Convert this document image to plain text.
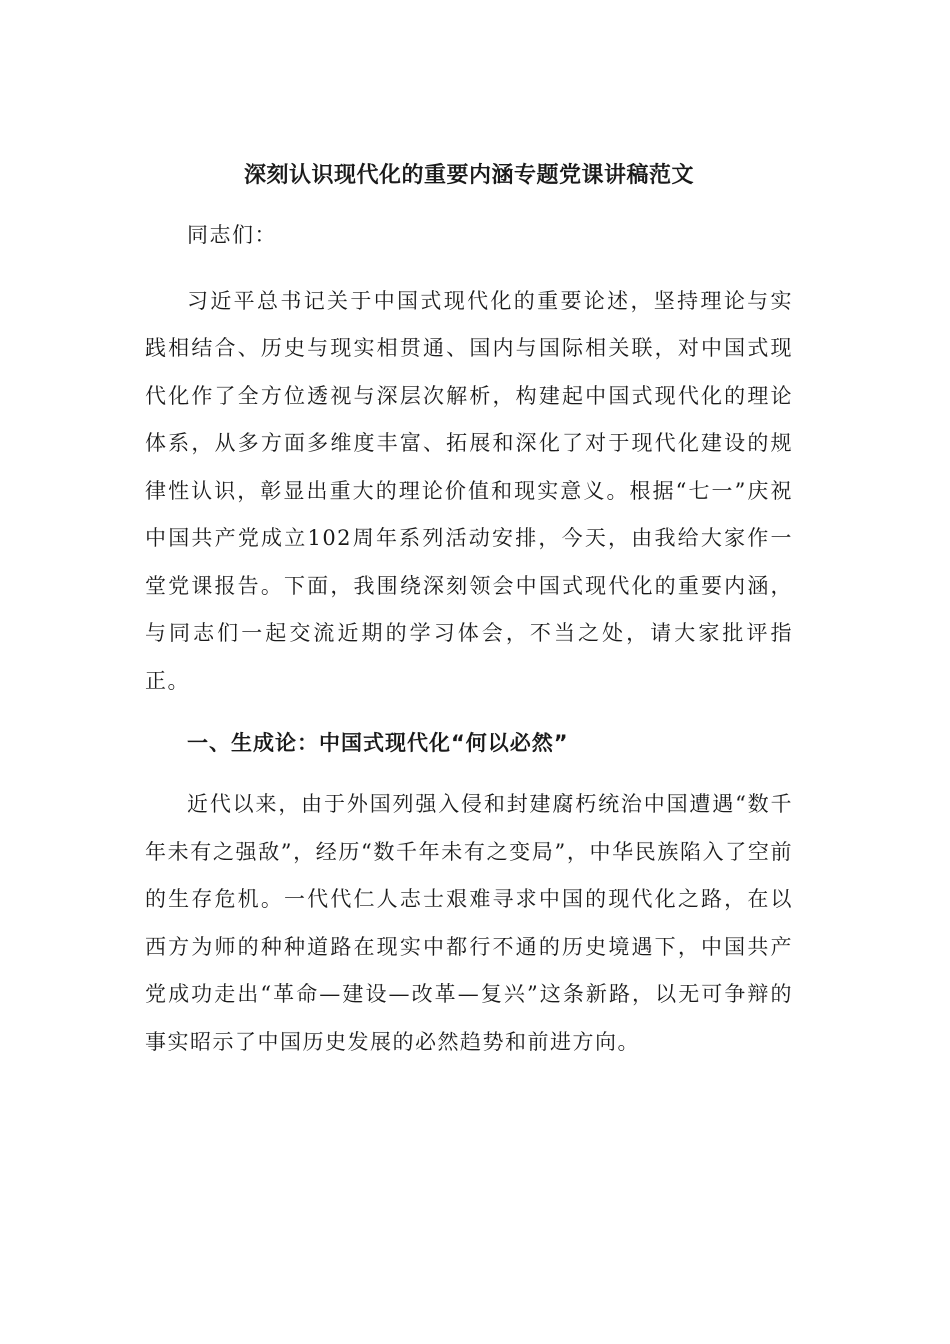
深刻认识现代化的重要内涵专题党课讲稿范文

同志们：

习近平总书记关于中国式现代化的重要论述，坚持理论与实践相结合、历史与现实相贯通、国内与国际相关联，对中国式现代化作了全方位透视与深层次解析，构建起中国式现代化的理论体系，从多方面多维度丰富、拓展和深化了对于现代化建设的规律性认识，彰显出重大的理论价值和现实意义。根据“七一”庆祝中国共产党成立102周年系列活动安排，今天，由我给大家作一堂党课报告。下面，我围绕深刻领会中国式现代化的重要内涵，与同志们一起交流近期的学习体会，不当之处，请大家批评指正。

一、生成论：中国式现代化“何以必然”

近代以来，由于外国列强入侵和封建腐朽统治中国遭遇“数千年未有之强敌”，经历“数千年未有之变局”，中华民族陷入了空前的生存危机。一代代仁人志士艰难寻求中国的现代化之路，在以西方为师的种种道路在现实中都行不通的历史境遇下，中国共产党成功走出“革命—建设—改革—复兴”这条新路，以无可争辩的事实昭示了中国历史发展的必然趋势和前进方向。
